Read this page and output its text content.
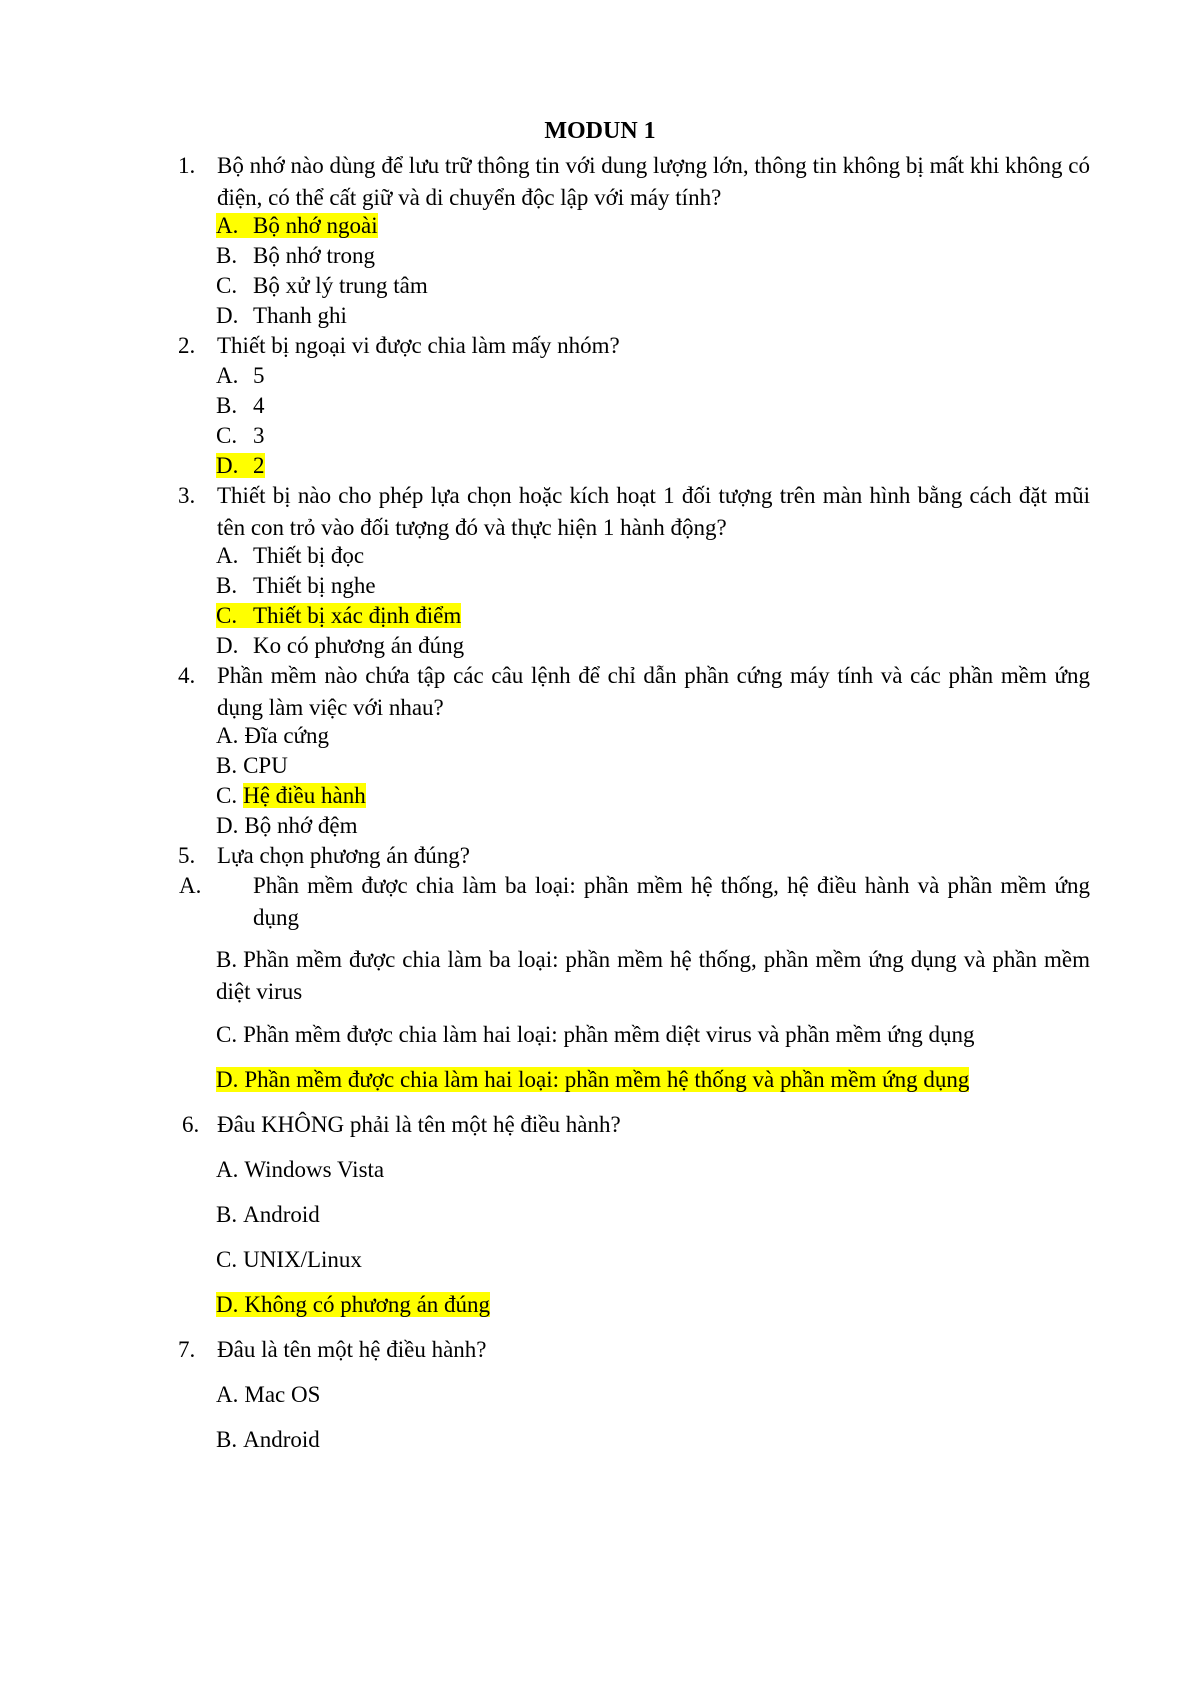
MODUN 1
1. Bộ nhớ nào dùng để lưu trữ thông tin với dung lượng lớn, thông tin không bị mất khi không có điện, có thể cất giữ và di chuyển độc lập với máy tính?
A. Bộ nhớ ngoài
B. Bộ nhớ trong
C. Bộ xử lý trung tâm
D. Thanh ghi
2. Thiết bị ngoại vi được chia làm mấy nhóm?
A. 5
B. 4
C. 3
D. 2
3. Thiết bị nào cho phép lựa chọn hoặc kích hoạt 1 đối tượng trên màn hình bằng cách đặt mũi tên con trỏ vào đối tượng đó và thực hiện 1 hành động?
A. Thiết bị đọc
B. Thiết bị nghe
C. Thiết bị xác định điểm
D. Ko có phương án đúng
4. Phần mềm nào chứa tập các câu lệnh để chỉ dẫn phần cứng máy tính và các phần mềm ứng dụng làm việc với nhau?
A. Đĩa cứng
B. CPU
C. Hệ điều hành
D. Bộ nhớ đệm
5. Lựa chọn phương án đúng?
A. Phần mềm được chia làm ba loại: phần mềm hệ thống, hệ điều hành và phần mềm ứng dụng
B. Phần mềm được chia làm ba loại: phần mềm hệ thống, phần mềm ứng dụng và phần mềm diệt virus
C. Phần mềm được chia làm hai loại: phần mềm diệt virus và phần mềm ứng dụng
D. Phần mềm được chia làm hai loại: phần mềm hệ thống và phần mềm ứng dụng
6. Đâu KHÔNG phải là tên một hệ điều hành?
A. Windows Vista
B. Android
C. UNIX/Linux
D. Không có phương án đúng
7. Đâu là tên một hệ điều hành?
A. Mac OS
B. Android
